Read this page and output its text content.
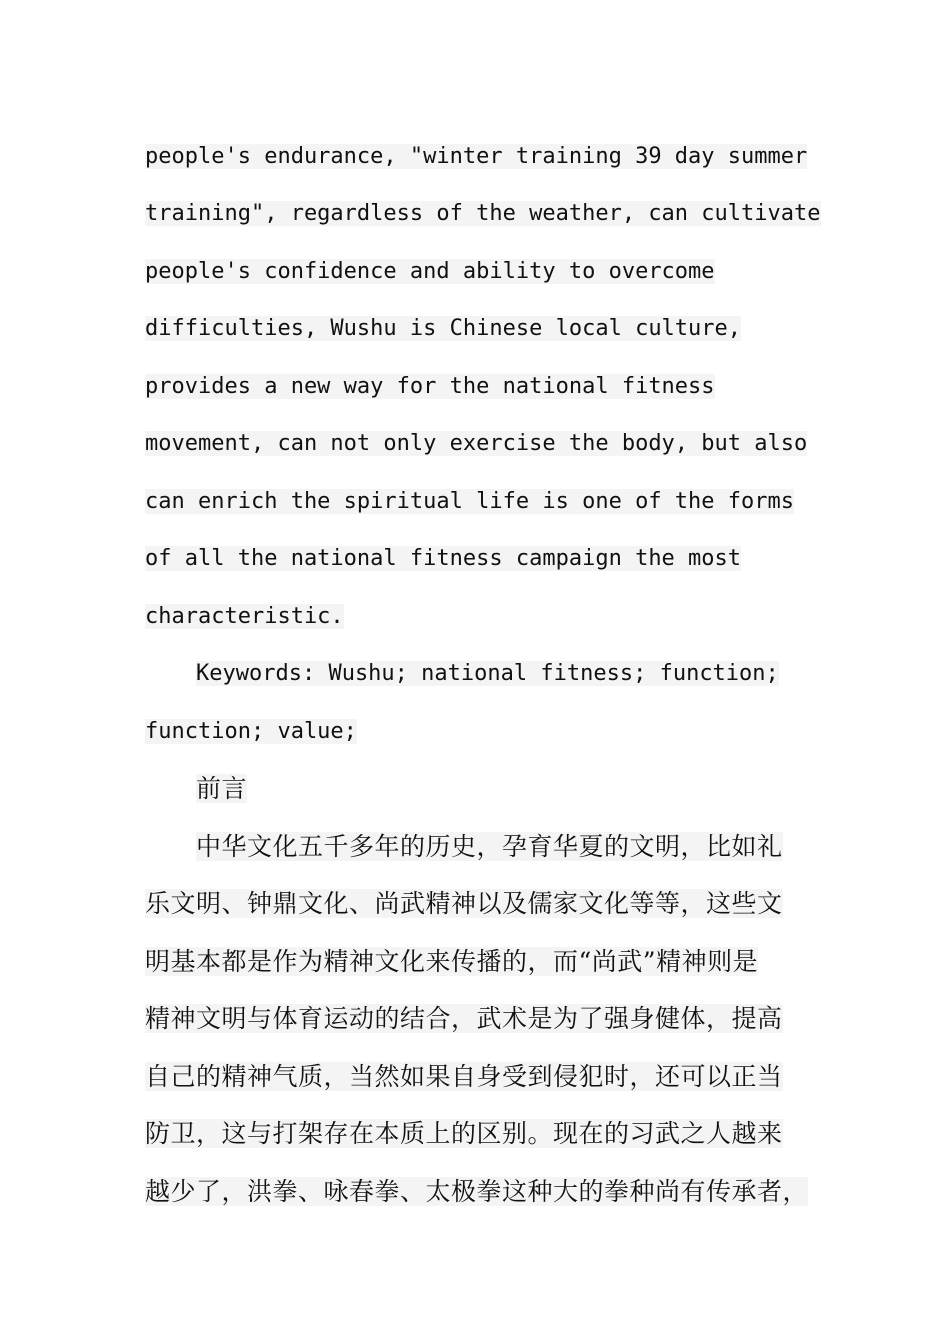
people's endurance, "winter training 39 day summer
training", regardless of the weather, can cultivate
people's confidence and ability to overcome
difficulties, Wushu is Chinese local culture,
provides a new way for the national fitness
movement, can not only exercise the body, but also
can enrich the spiritual life is one of the forms
of all the national fitness campaign the most
characteristic.
Keywords: Wushu; national fitness; function;
function; value;
前言
中华文化五千多年的历史，孕育华夏的文明，比如礼
乐文明、钟鼎文化、尚武精神以及儒家文化等等，这些文
明基本都是作为精神文化来传播的，而“尚武”精神则是
精神文明与体育运动的结合，武术是为了强身健体，提高
自己的精神气质，当然如果自身受到侵犯时，还可以正当
防卫，这与打架存在本质上的区别。现在的习武之人越来
越少了，洪拳、咏春拳、太极拳这种大的拳种尚有传承者，
